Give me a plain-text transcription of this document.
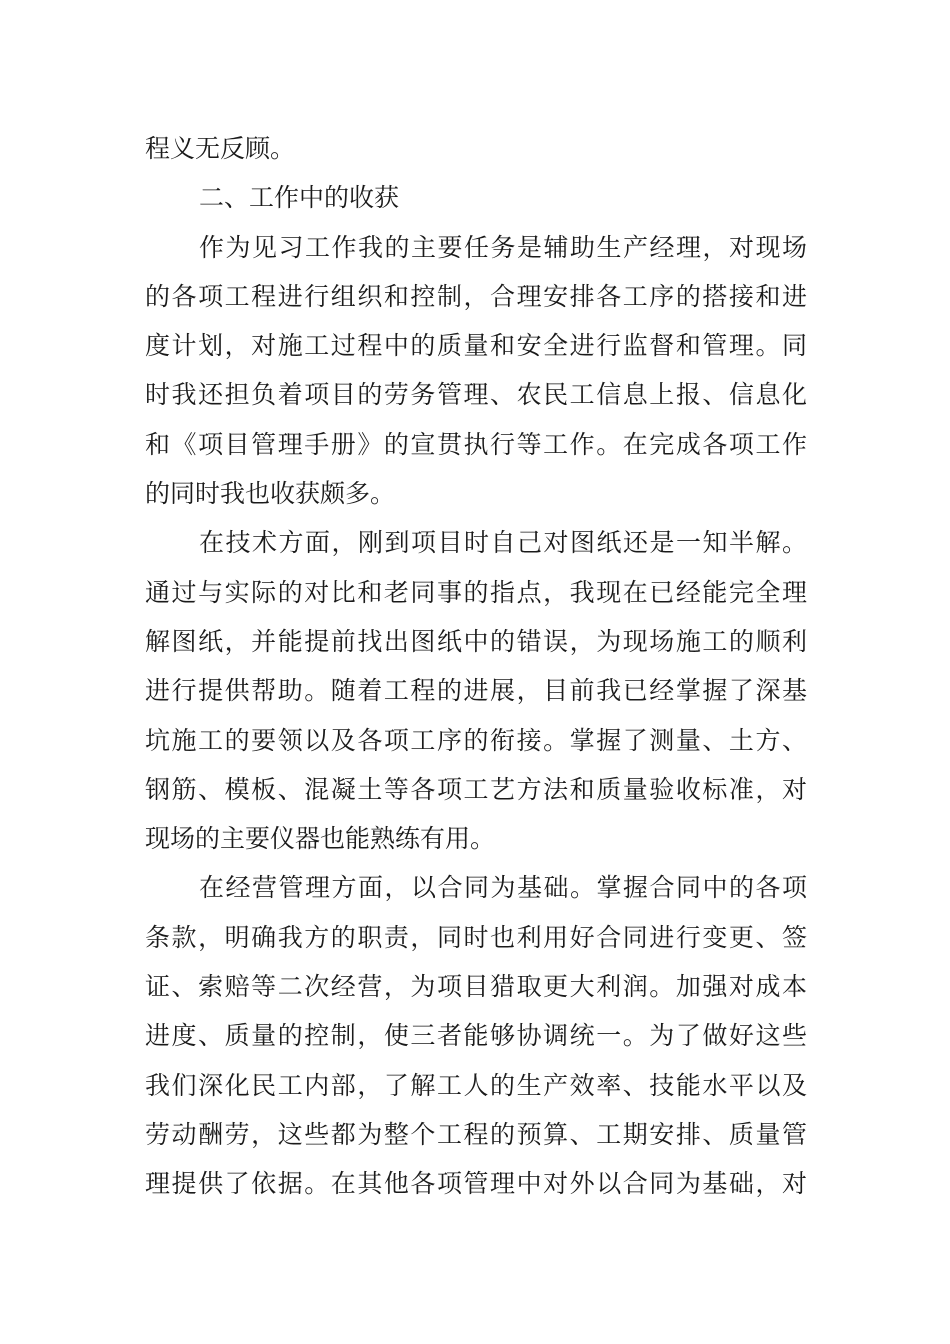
程义无反顾。
二、工作中的收获
作为见习工作我的主要任务是辅助生产经理，对现场
的各项工程进行组织和控制，合理安排各工序的搭接和进
度计划，对施工过程中的质量和安全进行监督和管理。同
时我还担负着项目的劳务管理、农民工信息上报、信息化
和《项目管理手册》的宣贯执行等工作。在完成各项工作
的同时我也收获颇多。
在技术方面，刚到项目时自己对图纸还是一知半解。
通过与实际的对比和老同事的指点，我现在已经能完全理
解图纸，并能提前找出图纸中的错误，为现场施工的顺利
进行提供帮助。随着工程的进展，目前我已经掌握了深基
坑施工的要领以及各项工序的衔接。掌握了测量、土方、
钢筋、模板、混凝土等各项工艺方法和质量验收标准，对
现场的主要仪器也能熟练有用。
在经营管理方面，以合同为基础。掌握合同中的各项
条款，明确我方的职责，同时也利用好合同进行变更、签
证、索赔等二次经营，为项目猎取更大利润。加强对成本
进度、质量的控制，使三者能够协调统一。为了做好这些
我们深化民工内部，了解工人的生产效率、技能水平以及
劳动酬劳，这些都为整个工程的预算、工期安排、质量管
理提供了依据。在其他各项管理中对外以合同为基础，对
